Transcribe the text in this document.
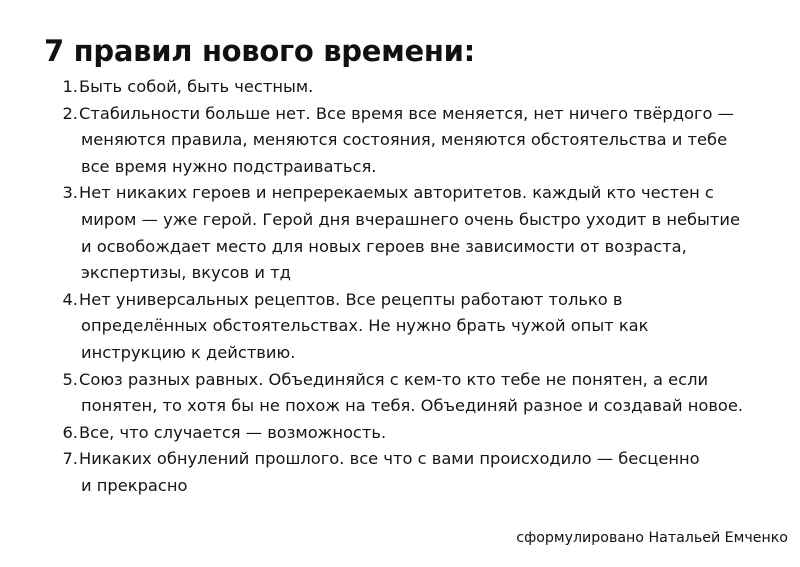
7 правил нового времени:
1. Быть собой, быть честным.
2. Стабильности больше нет. Все время все меняется, нет ничего твёрдого —
меняются правила, меняются состояния, меняются обстоятельства и тебе
все время нужно подстраиваться.
3. Нет никаких героев и непререкаемых авторитетов. каждый кто честен с
миром — уже герой. Герой дня вчерашнего очень быстро уходит в небытие
и освобождает место для новых героев вне зависимости от возраста,
экспертизы, вкусов и тд
4. Нет универсальных рецептов. Все рецепты работают только в
определённых обстоятельствах. Не нужно брать чужой опыт как
инструкцию к действию.
5. Союз разных равных. Объединяйся с кем-то кто тебе не понятен, а если
понятен, то хотя бы не похож на тебя. Объединяй разное и создавай новое.
6. Все, что случается — возможность.
7. Никаких обнулений прошлого. все что с вами происходило — бесценно
и прекрасно

сформулировано Натальей Емченко
